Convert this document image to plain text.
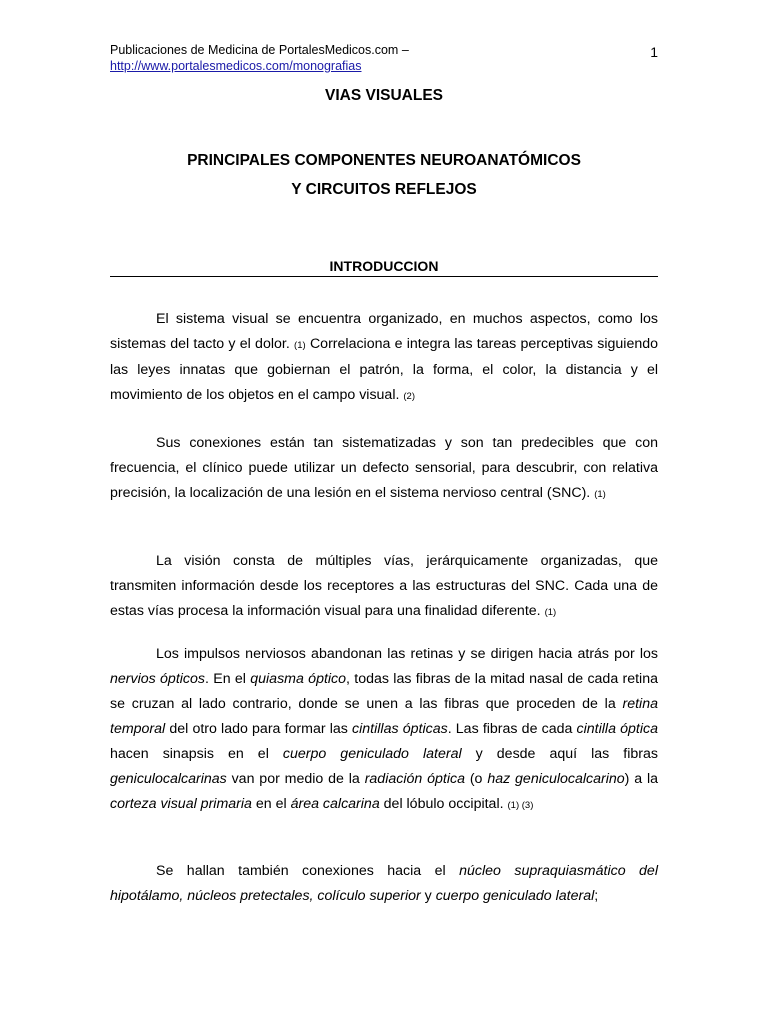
Publicaciones de Medicina de PortalesMedicos.com –
http://www.portalesmedicos.com/monografias
1
VIAS VISUALES
PRINCIPALES COMPONENTES NEUROANATÓMICOS
Y CIRCUITOS REFLEJOS
INTRODUCCION

El sistema visual se encuentra organizado, en muchos aspectos, como los sistemas del tacto y el dolor. (1) Correlaciona e integra las tareas perceptivas siguiendo las leyes innatas que gobiernan el patrón, la forma, el color, la distancia y el movimiento de los objetos en el campo visual. (2)

Sus conexiones están tan sistematizadas y son tan predecibles que con frecuencia, el clínico puede utilizar un defecto sensorial, para descubrir, con relativa precisión, la localización de una lesión en el sistema nervioso central (SNC). (1)

La visión consta de múltiples vías, jerárquicamente organizadas, que transmiten información desde los receptores a las estructuras del SNC. Cada una de estas vías procesa la información visual para una finalidad diferente. (1)

Los impulsos nerviosos abandonan las retinas y se dirigen hacia atrás por los nervios ópticos. En el quiasma óptico, todas las fibras de la mitad nasal de cada retina se cruzan al lado contrario, donde se unen a las fibras que proceden de la retina temporal del otro lado para formar las cintillas ópticas. Las fibras de cada cintilla óptica hacen sinapsis en el cuerpo geniculado lateral y desde aquí las fibras geniculocalcarinas van por medio de la radiación óptica (o haz geniculocalcarino) a la corteza visual primaria en el área calcarina del lóbulo occipital. (1) (3)

Se hallan también conexiones hacia el núcleo supraquiasmático del hipotálamo, núcleos pretectales, colículo superior y cuerpo geniculado lateral;
